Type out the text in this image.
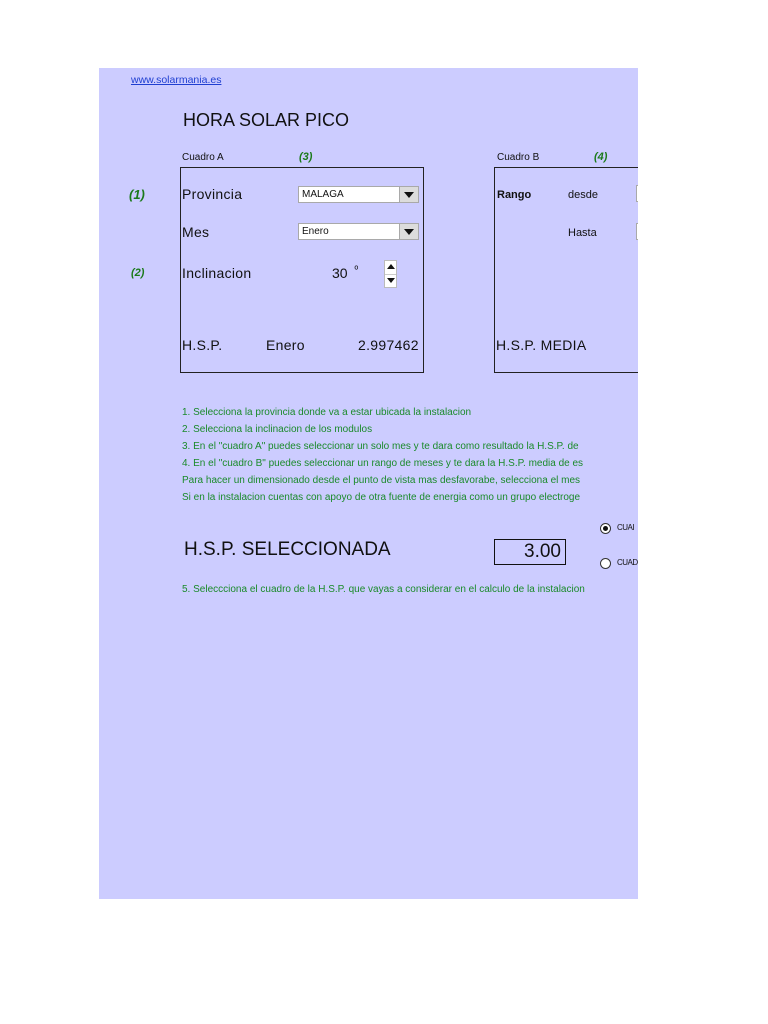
www.solarmania.es
HORA SOLAR PICO
Cuadro A	(3)	Cuadro B	(4)
(1)
(2)
Provincia	MALAGA
Mes	Enero
Inclinacion	30 $^º$
H.S.P.	Enero	2.997462
Rango	desde
Hasta
H.S.P. MEDIA
1. Selecciona la provincia donde va a estar ubicada la instalacion
2. Selecciona la inclinacion de los modulos
3. En el "cuadro A" puedes seleccionar un solo mes y te dara como resultado la H.S.P. de
4. En el "cuadro B" puedes seleccionar un rango de meses y te dara la H.S.P. media de es
Para hacer un dimensionado desde el punto de vista mas desfavorabe, selecciona el mes
Si en la instalacion cuentas con apoyo de otra fuente de energia como un grupo electroge
H.S.P. SELECCIONADA	3.00
CUAI
CUAD
5. Seleccciona el cuadro de la H.S.P. que vayas a considerar en el calculo de la instalacion
